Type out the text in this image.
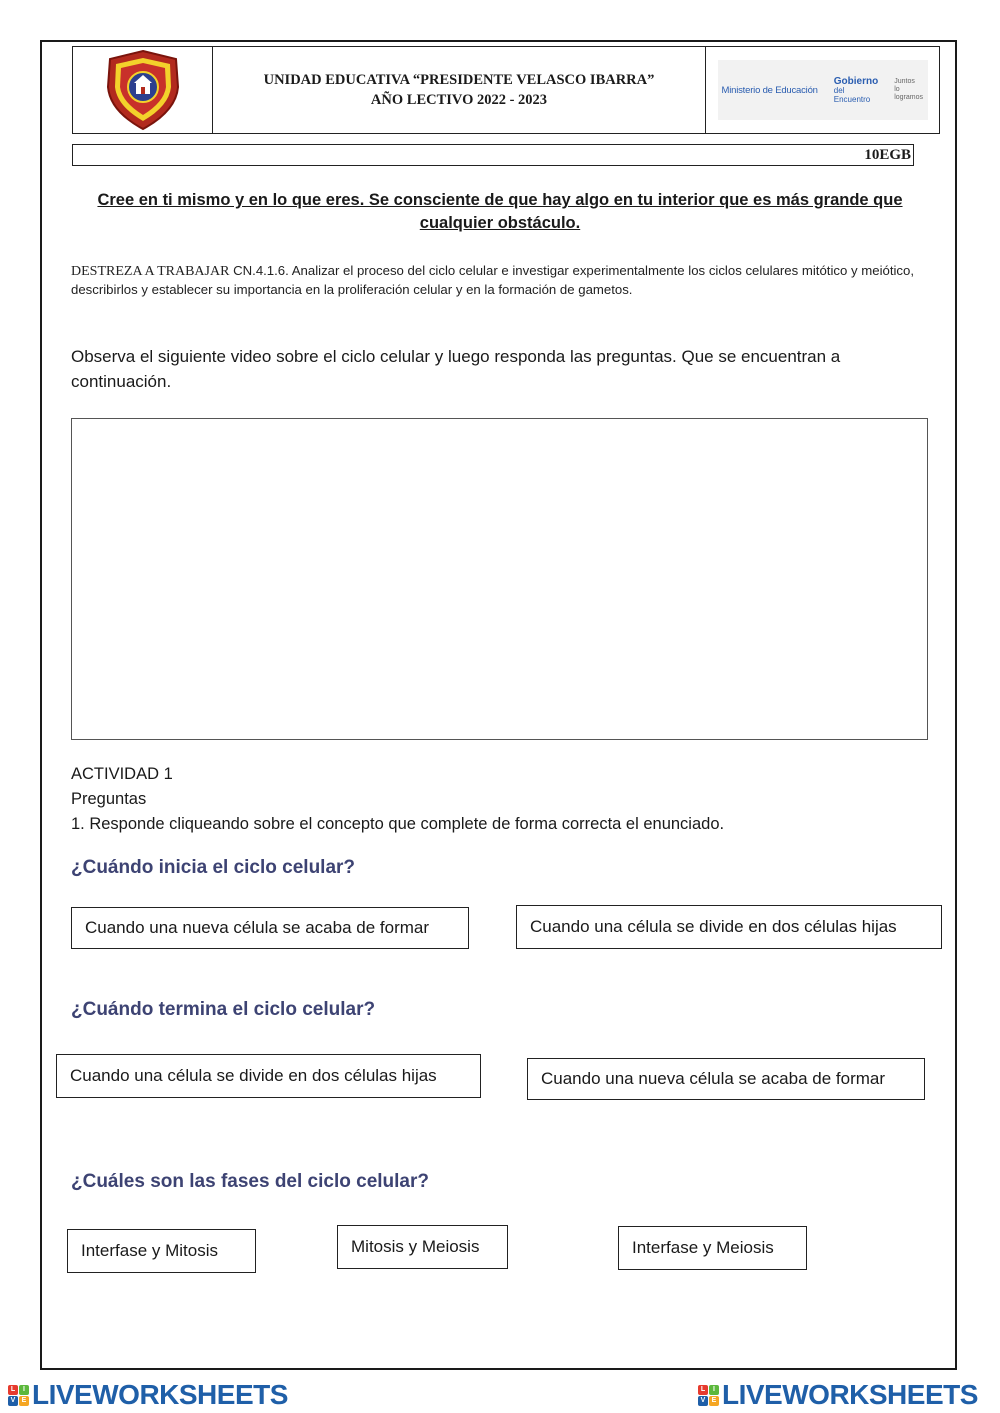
UNIDAD EDUCATIVA “PRESIDENTE VELASCO IBARRA”
AÑO LECTIVO 2022 - 2023
Ministerio de Educación
Gobierno
del Encuentro
Juntos
lo logramos
10EGB
Cree en ti mismo y en lo que eres. Se consciente de que hay algo en tu interior que es más grande que cualquier obstáculo.
DESTREZA A TRABAJAR CN.4.1.6. Analizar el proceso del ciclo celular e investigar experimentalmente los ciclos celulares mitótico y meiótico, describirlos y establecer su importancia en la proliferación celular y en la formación de gametos.
Observa el siguiente video sobre el ciclo celular y luego responda las preguntas. Que se encuentran a continuación.
ACTIVIDAD 1
Preguntas
1. Responde cliqueando sobre el concepto que complete de forma correcta el enunciado.
¿Cuándo inicia el ciclo celular?
Cuando una nueva célula se acaba de formar	Cuando una célula se divide en dos células hijas
¿Cuándo termina el ciclo celular?
Cuando una célula se divide en dos células hijas	Cuando una nueva célula se acaba de formar
¿Cuáles son las fases del ciclo celular?
Interfase y Mitosis	Mitosis y Meiosis	Interfase y Meiosis
L	I
V E LIVEWORKSHEETS	L	I
V E LIVEWORKSHEETS
